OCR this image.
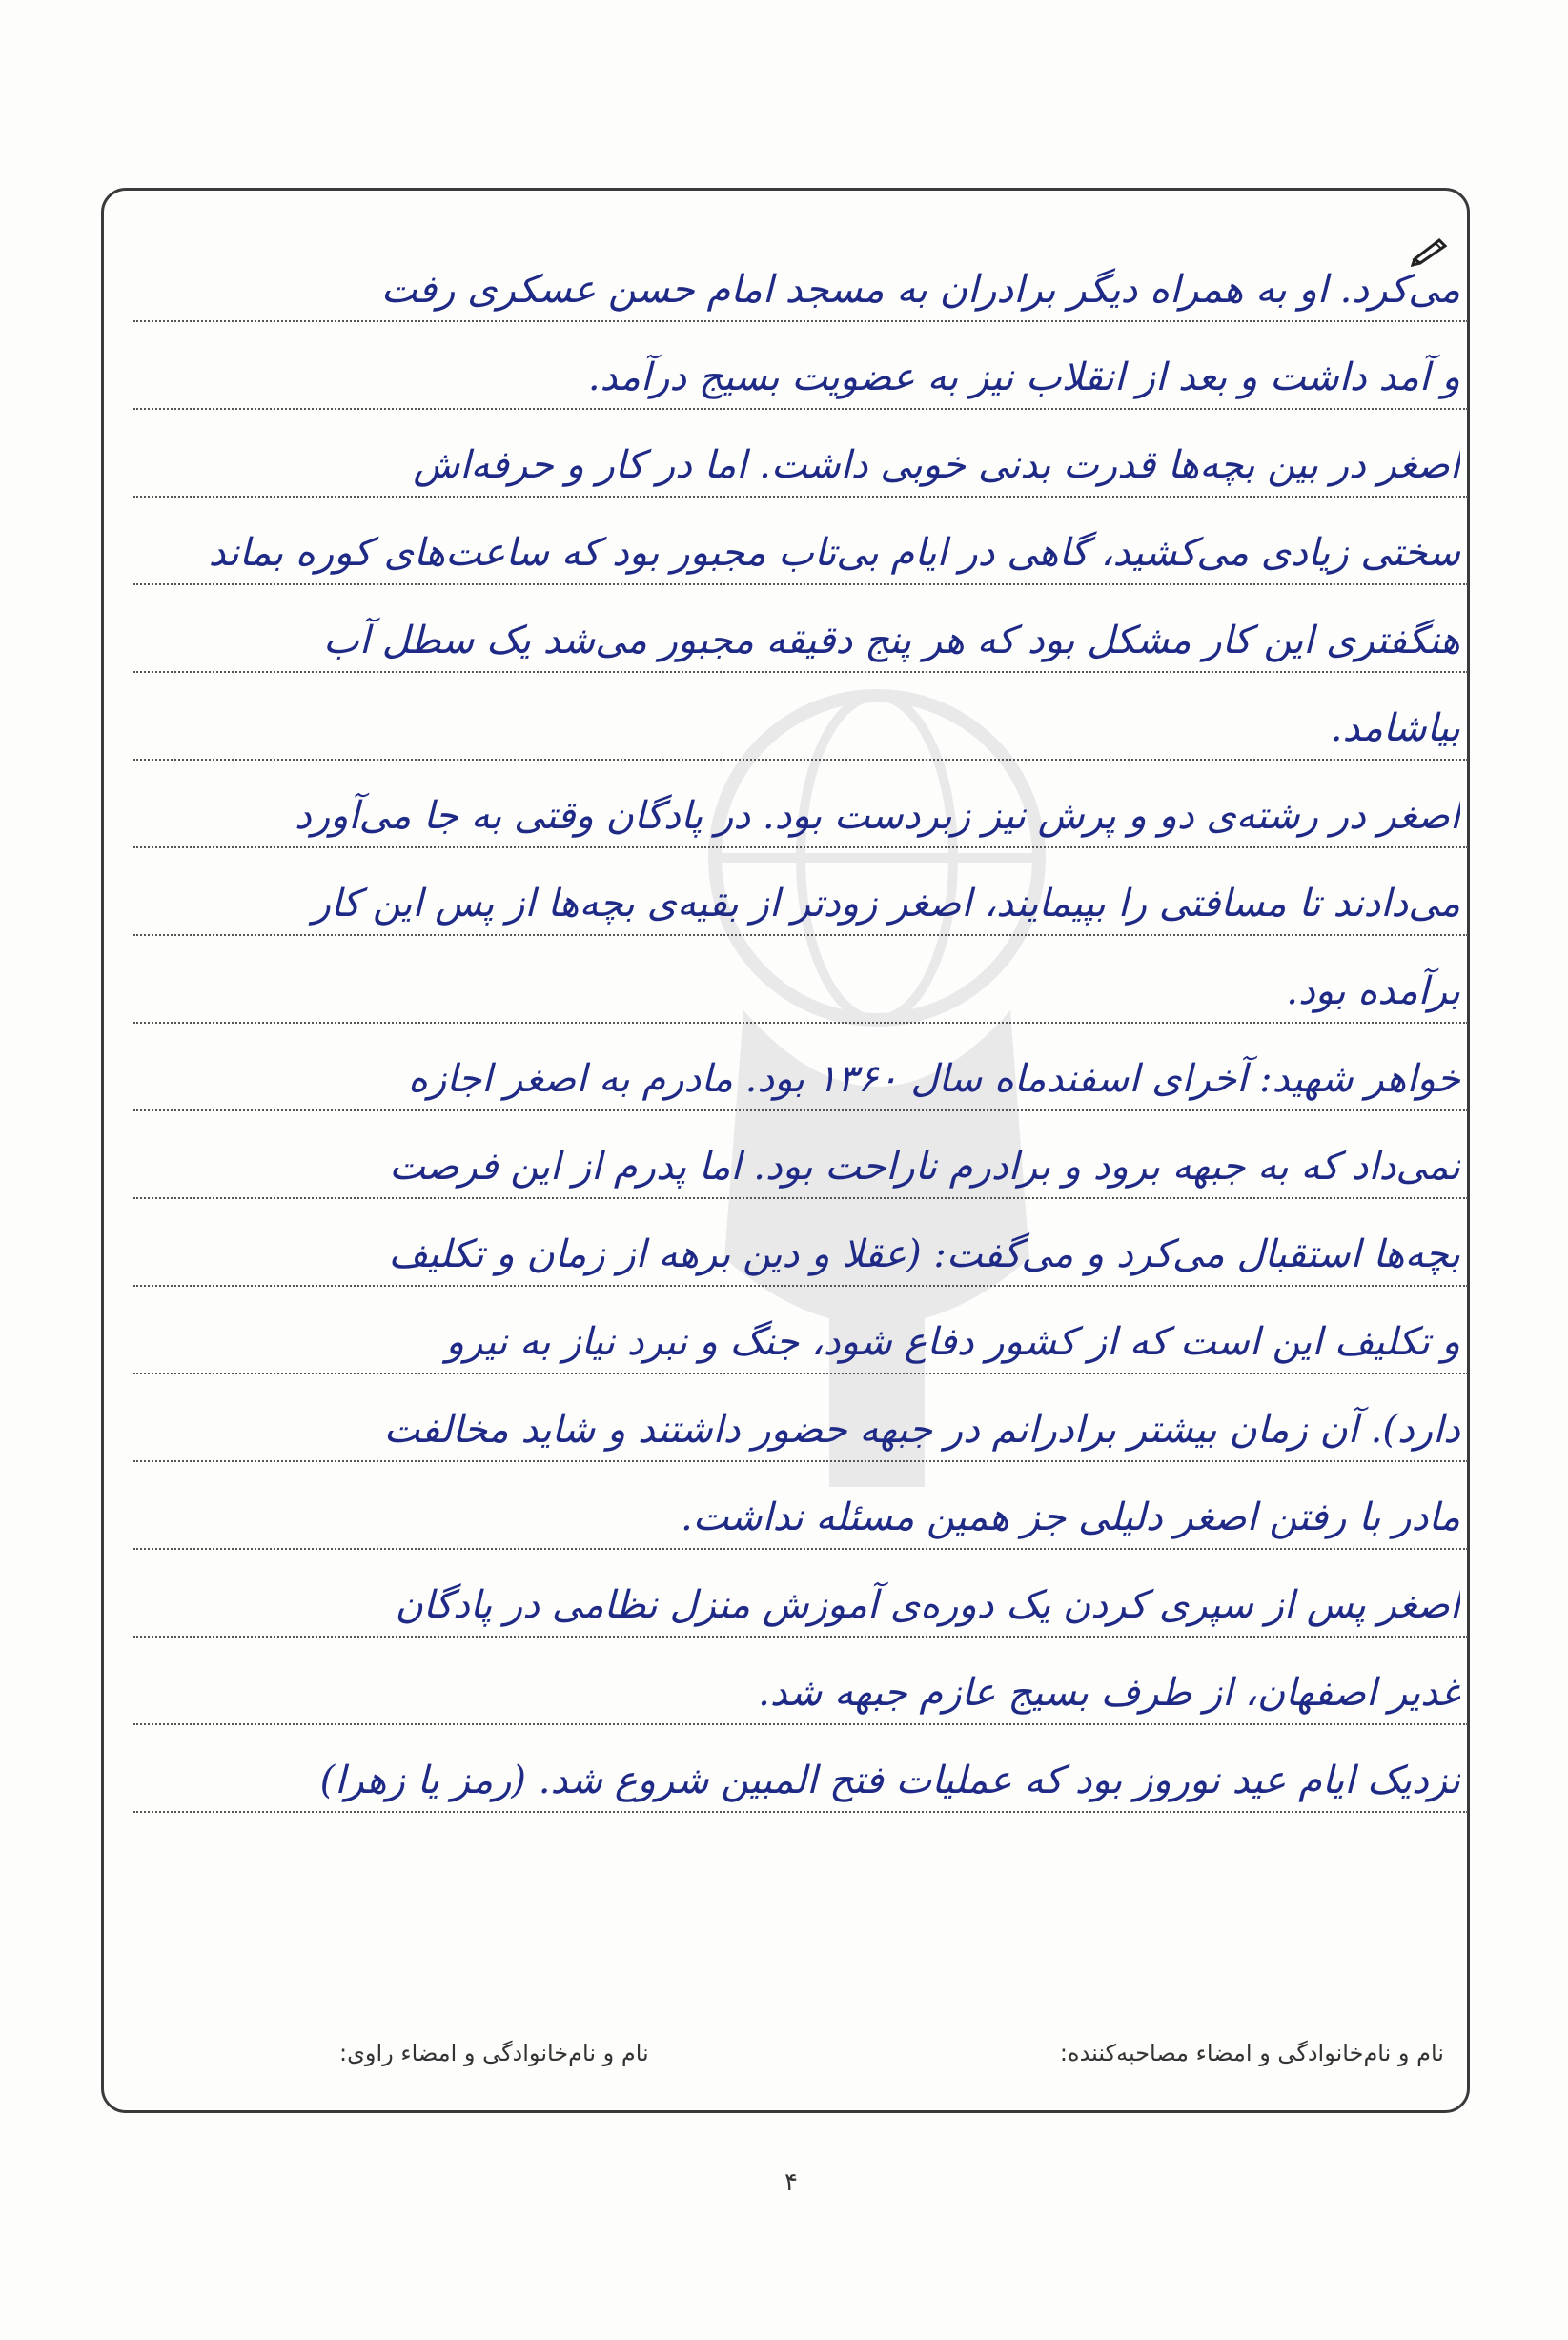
می‌کرد. او به همراه دیگر برادران به مسجد امام حسن عسکری رفت
و آمد داشت و بعد از انقلاب نیز به عضویت بسیج درآمد.
اصغر در بین بچه‌ها قدرت بدنی خوبی داشت. اما در کار و حرفه‌اش
سختی زیادی می‌کشید، گاهی در ایام بی‌تاب مجبور بود که ساعت‌های کوره بماند
هنگفتری این کار مشکل بود که هر پنج دقیقه مجبور می‌شد یک سطل آب
بیاشامد.
اصغر در رشته‌ی دو و پرش نیز زبردست بود. در پادگان وقتی به جا می‌آورد
می‌دادند تا مسافتی را بپیمایند، اصغر زودتر از بقیه‌ی بچه‌ها از پس این کار
برآمده بود.
خواهر شهید: آخرای اسفندماه سال ۱۳۶۰ بود. مادرم به اصغر اجازه
نمی‌داد که به جبهه برود و برادرم ناراحت بود. اما پدرم از این فرصت
بچه‌ها استقبال می‌کرد و می‌گفت: (عقلا و دین برهه از زمان و تکلیف
و تکلیف این است که از کشور دفاع شود، جنگ و نبرد نیاز به نیرو
دارد). آن زمان بیشتر برادرانم در جبهه حضور داشتند و شاید مخالفت
مادر با رفتن اصغر دلیلی جز همین مسئله نداشت.
اصغر پس از سپری کردن یک دوره‌ی آموزش منزل نظامی در پادگان
غدیر اصفهان، از طرف بسیج عازم جبهه شد.
نزدیک ایام عید نوروز بود که عملیات فتح المبین شروع شد. (رمز یا زهرا)
نام و نام‌خانوادگی و امضاء مصاحبه‌کننده:
نام و نام‌خانوادگی و امضاء راوی:
۴
